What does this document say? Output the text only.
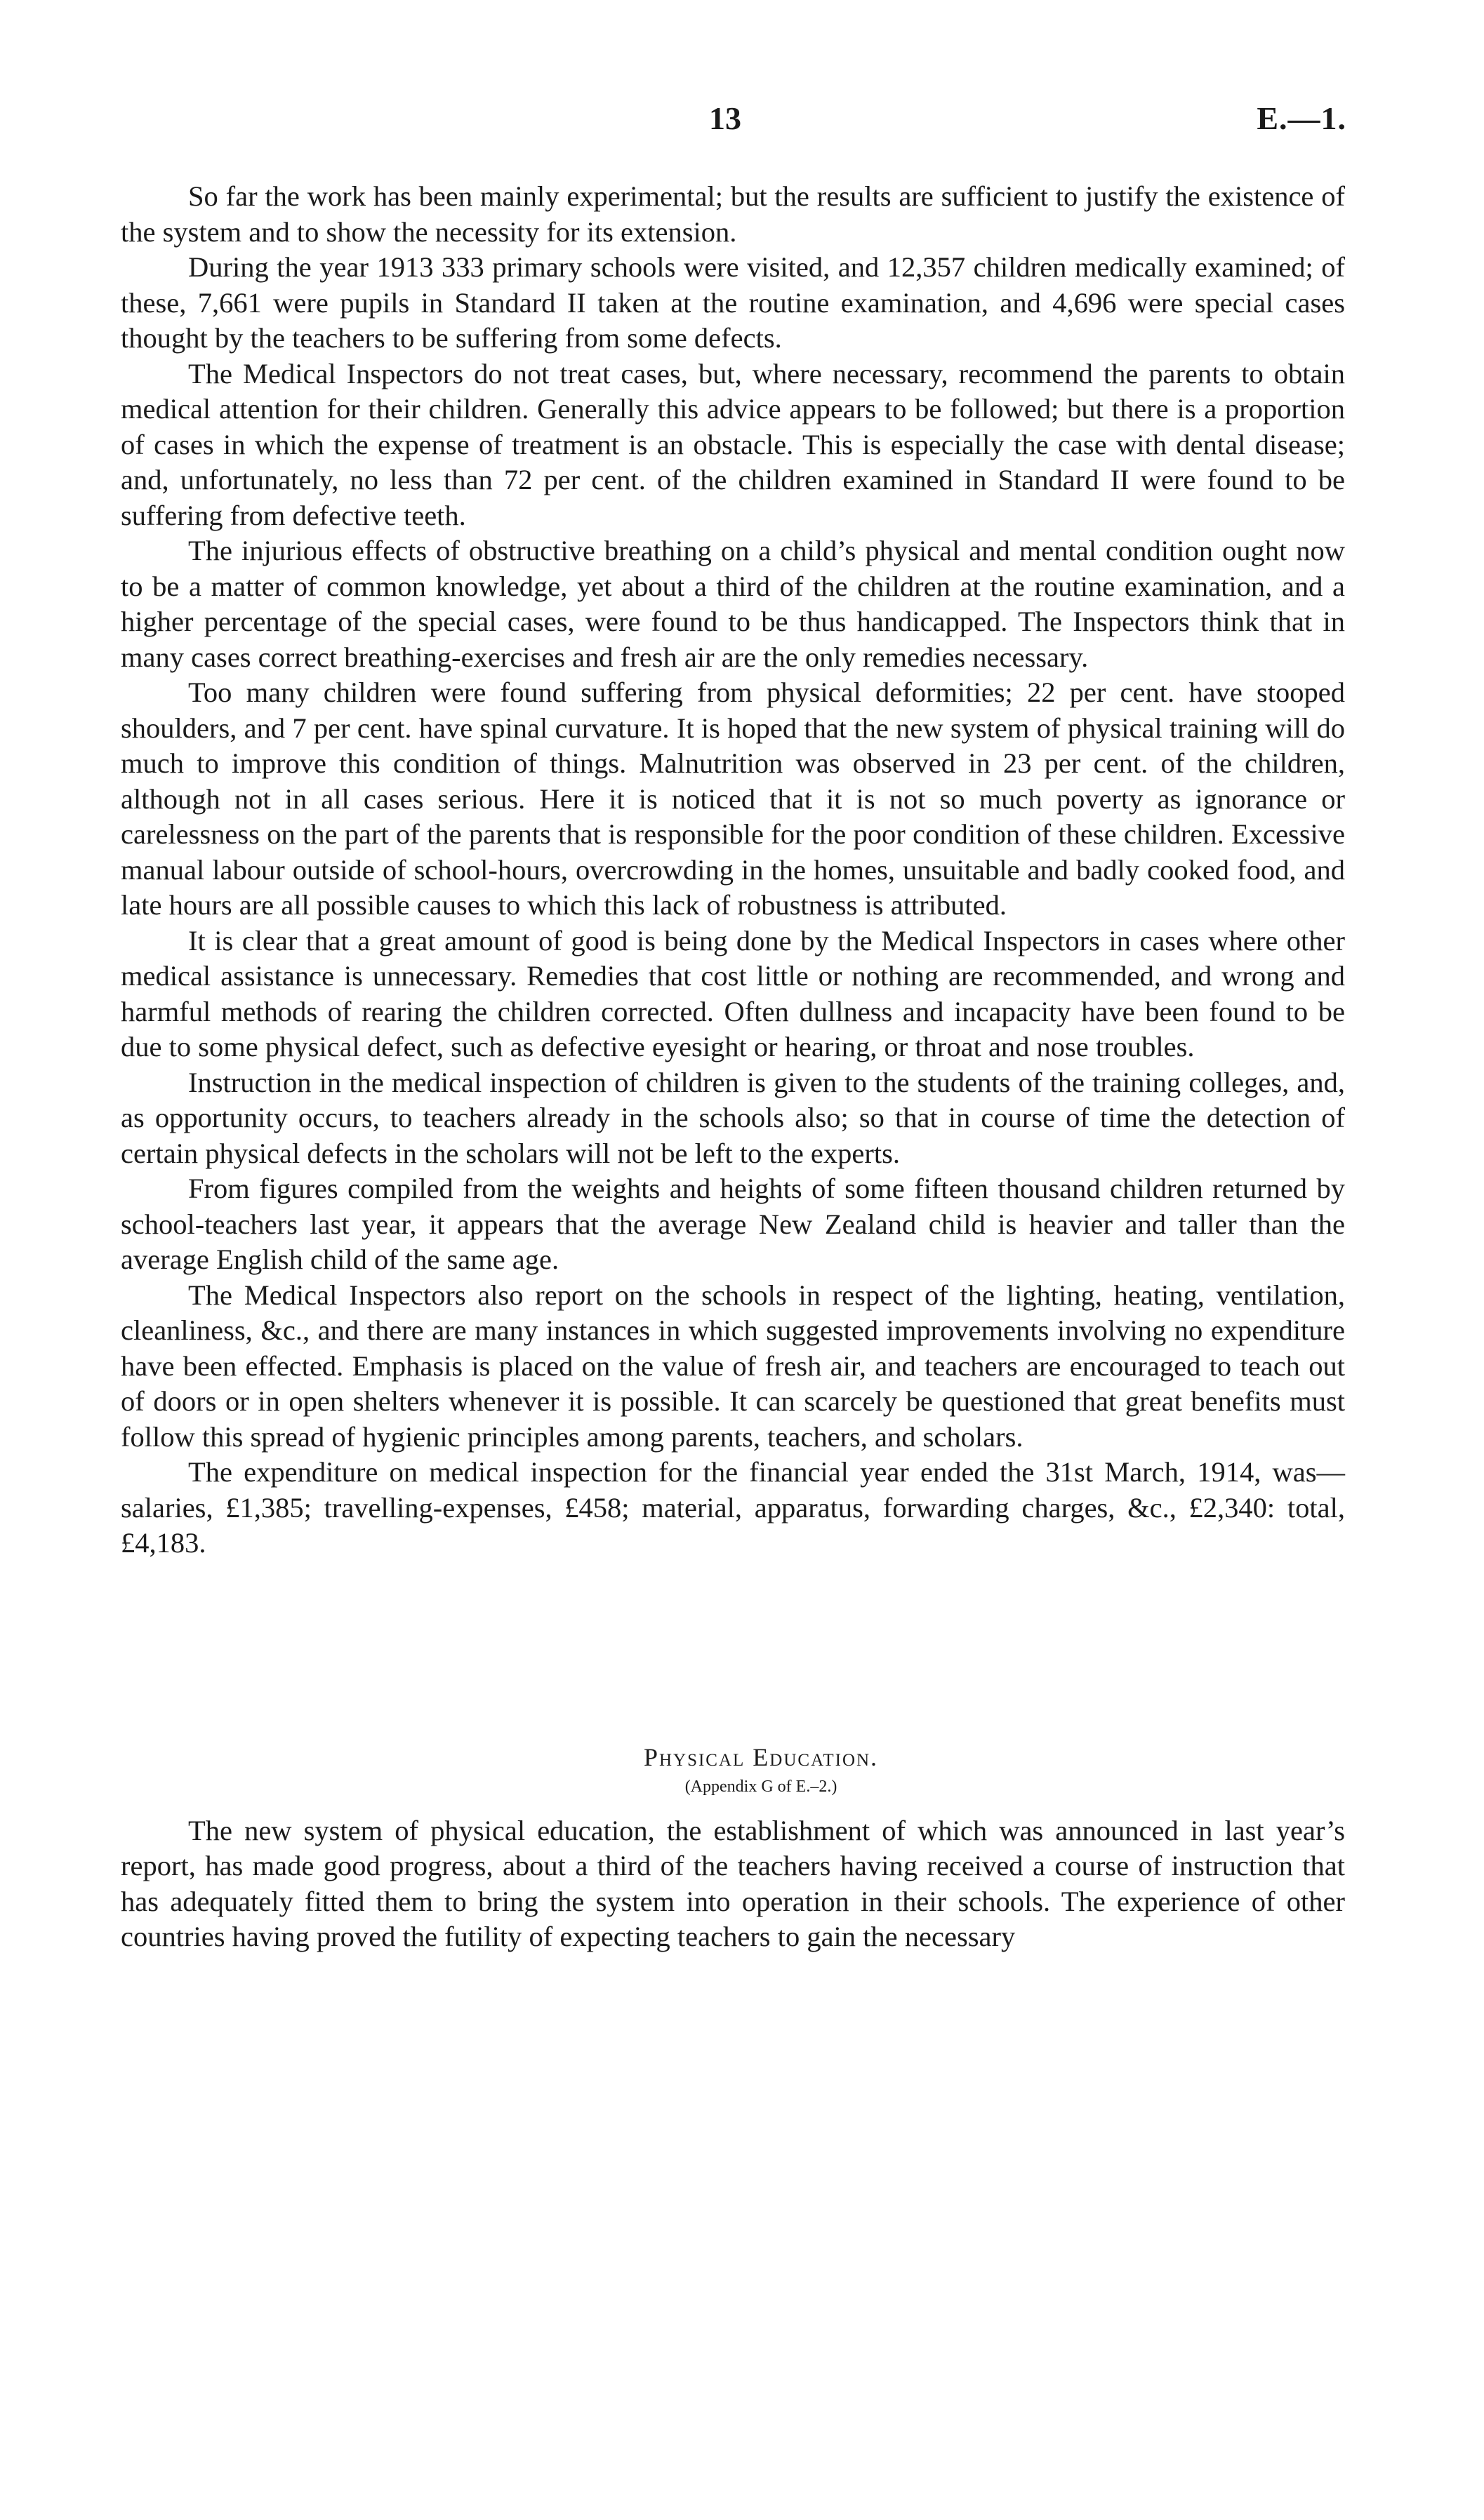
13	E.—1.

So far the work has been mainly experimental; but the results are sufficient to justify the existence of the system and to show the necessity for its extension.

During the year 1913 333 primary schools were visited, and 12,357 children medically examined; of these, 7,661 were pupils in Standard II taken at the routine examination, and 4,696 were special cases thought by the teachers to be suffering from some defects.

The Medical Inspectors do not treat cases, but, where necessary, recommend the parents to obtain medical attention for their children. Generally this advice appears to be followed; but there is a proportion of cases in which the expense of treatment is an obstacle. This is especially the case with dental disease; and, unfortunately, no less than 72 per cent. of the children examined in Standard II were found to be suffering from defective teeth.

The injurious effects of obstructive breathing on a child’s physical and mental condition ought now to be a matter of common knowledge, yet about a third of the children at the routine examination, and a higher percentage of the special cases, were found to be thus handicapped. The Inspectors think that in many cases correct breathing-exercises and fresh air are the only remedies necessary.

Too many children were found suffering from physical deformities; 22 per cent. have stooped shoulders, and 7 per cent. have spinal curvature. It is hoped that the new system of physical training will do much to improve this condition of things. Malnutrition was observed in 23 per cent. of the children, although not in all cases serious. Here it is noticed that it is not so much poverty as ignorance or carelessness on the part of the parents that is responsible for the poor condition of these children. Excessive manual labour outside of school-hours, overcrowding in the homes, unsuitable and badly cooked food, and late hours are all possible causes to which this lack of robustness is attributed.

It is clear that a great amount of good is being done by the Medical Inspectors in cases where other medical assistance is unnecessary. Remedies that cost little or nothing are recommended, and wrong and harmful methods of rearing the children corrected. Often dullness and incapacity have been found to be due to some physical defect, such as defective eyesight or hearing, or throat and nose troubles.

Instruction in the medical inspection of children is given to the students of the training colleges, and, as opportunity occurs, to teachers already in the schools also; so that in course of time the detection of certain physical defects in the scholars will not be left to the experts.

From figures compiled from the weights and heights of some fifteen thousand children returned by school-teachers last year, it appears that the average New Zealand child is heavier and taller than the average English child of the same age.

The Medical Inspectors also report on the schools in respect of the lighting, heating, ventilation, cleanliness, &c., and there are many instances in which suggested improvements involving no expenditure have been effected. Emphasis is placed on the value of fresh air, and teachers are encouraged to teach out of doors or in open shelters whenever it is possible. It can scarcely be questioned that great benefits must follow this spread of hygienic principles among parents, teachers, and scholars.

The expenditure on medical inspection for the financial year ended the 31st March, 1914, was—salaries, £1,385; travelling-expenses, £458; material, apparatus, forwarding charges, &c., £2,340: total, £4,183.

Physical Education.
(Appendix G of E.–2.)

The new system of physical education, the establishment of which was announced in last year’s report, has made good progress, about a third of the teachers having received a course of instruction that has adequately fitted them to bring the system into operation in their schools. The experience of other countries having proved the futility of expecting teachers to gain the necessary
